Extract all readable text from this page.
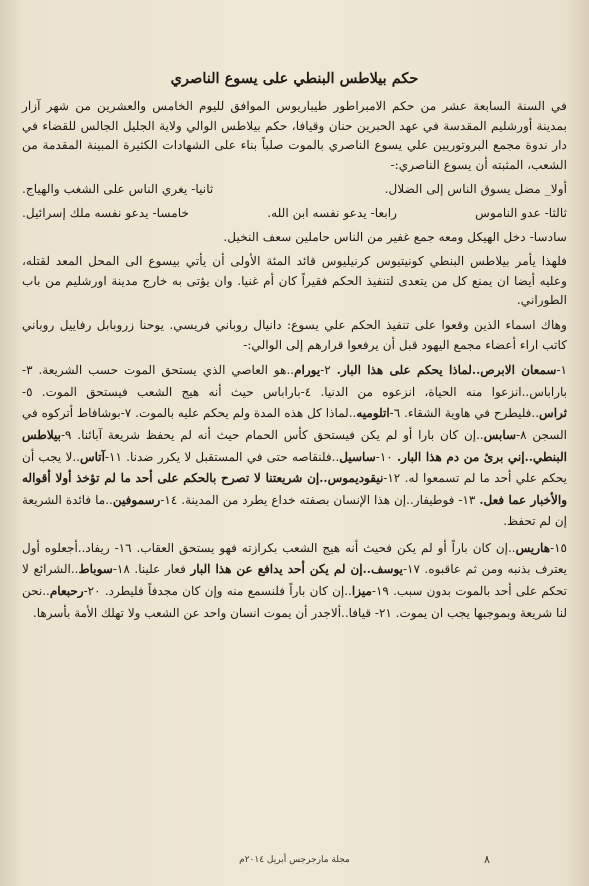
حكم بيلاطس البنطي على يسوع الناصري

في السنة السابعة عشر من حكم الامبراطور طيباريوس الموافق لليوم الخامس والعشرين من شهر آزار بمدينة أورشليم المقدسة في عهد الحبرين حنان وقيافا، حكم بيلاطس الوالي ولاية الجليل الجالس للقضاء في دار ندوة مجمع البروتوريين علي يسوع الناصري بالموت صلباً بناء على الشهادات الكثيرة المبينة المقدمة من الشعب، المثبته أن يسوع الناصري:-

أولا_ مضل يسوق الناس إلى الضلال.
ثانيا- يغري الناس على الشغب والهياج.
ثالثا- عدو الناموس
رابعا- يدعو نفسه ابن الله.
خامسا- يدعو نفسه ملك إسرائيل.

سادسا- دخل الهيكل ومعه جمع غفير من الناس حاملين سعف النخيل.

فلهذا يأمر بيلاطس البنطي كونيتيوس كرنيليوس قائد المئة الأولى أن يأتي بيسوع الى المحل المعد لقتله، وعليه أيضا ان يمنع كل من يتعدى لتنفيذ الحكم فقيراً كان أم غنيا. وان يؤتى به خارج مدينة اورشليم من باب الطوراني.

وهاك اسماء الذين وقعوا على تنفيذ الحكم علي يسوع: دانيال روباني فريسي. يوحنا زروبابل رفاييل روباني كاتب اراء أعضاء مجمع اليهود قبل أن يرفعوا قرارهم إلى الوالي:-

١-سمعان الابرص..لماذا يحكم على هذا البار. ٢-يورام..هو العاصي الذي يستحق الموت حسب الشريعة. ٣- باراباس..انزعوا منه الحياة، انزعوه من الدنيا. ٤-باراباس حيث أنه هيج الشعب فيستحق الموت. ٥-ثراس..فليطرح في هاوية الشقاء. ٦-اتلوميه..لماذا كل هذه المدة ولم يحكم عليه بالموت. ٧-بوشافاط أتركوه في السجن ٨-سابس..إن كان بارا أو لم يكن فيستحق كأس الحمام حيث أنه لم يحفظ شريعة آبائنا. ٩-بيلاطس البنطي..إني برئ من دم هذا البار. ١٠-ساسيل..فلنقاصه حتى في المستقبل لا يكرر ضدنا. ١١-آتاس..لا يجب أن يحكم علي أحد ما لم تسمعوا له. ١٢-نيقوديموس..إن شريعتنا لا تصرح بالحكم على أحد ما لم تؤخذ أولا أقواله والأخبار عما فعل. ١٣- فوطيفار..إن هذا الإنسان بصفته خداع يطرد من المدينة. ١٤-رسموفين..ما فائدة الشريعة إن لم تحفظ.

١٥-هاريس..إن كان باراً أو لم يكن فحيث أنه هيج الشعب بكرازته فهو يستحق العقاب. ١٦- ريفاد..أجعلوه أول يعترف بذنبه ومن ثم عاقبوه. ١٧-يوسف..إن لم يكن أحد يدافع عن هذا البار فعار علينا. ١٨-سوباط..الشرائع لا تحكم على أحد بالموت بدون سبب. ١٩-ميزا..إن كان باراً فلنسمع منه وإن كان مجدفاً فليطرد. ٢٠-رحبعام..نحن لنا شريعة وبموجبها يجب ان يموت. ٢١- قيافا..ألاجدر أن يموت انسان واحد عن الشعب ولا تهلك الأمة بأسرها.

مجلة مارجرجس أبريل ٢٠١٤م	٨
